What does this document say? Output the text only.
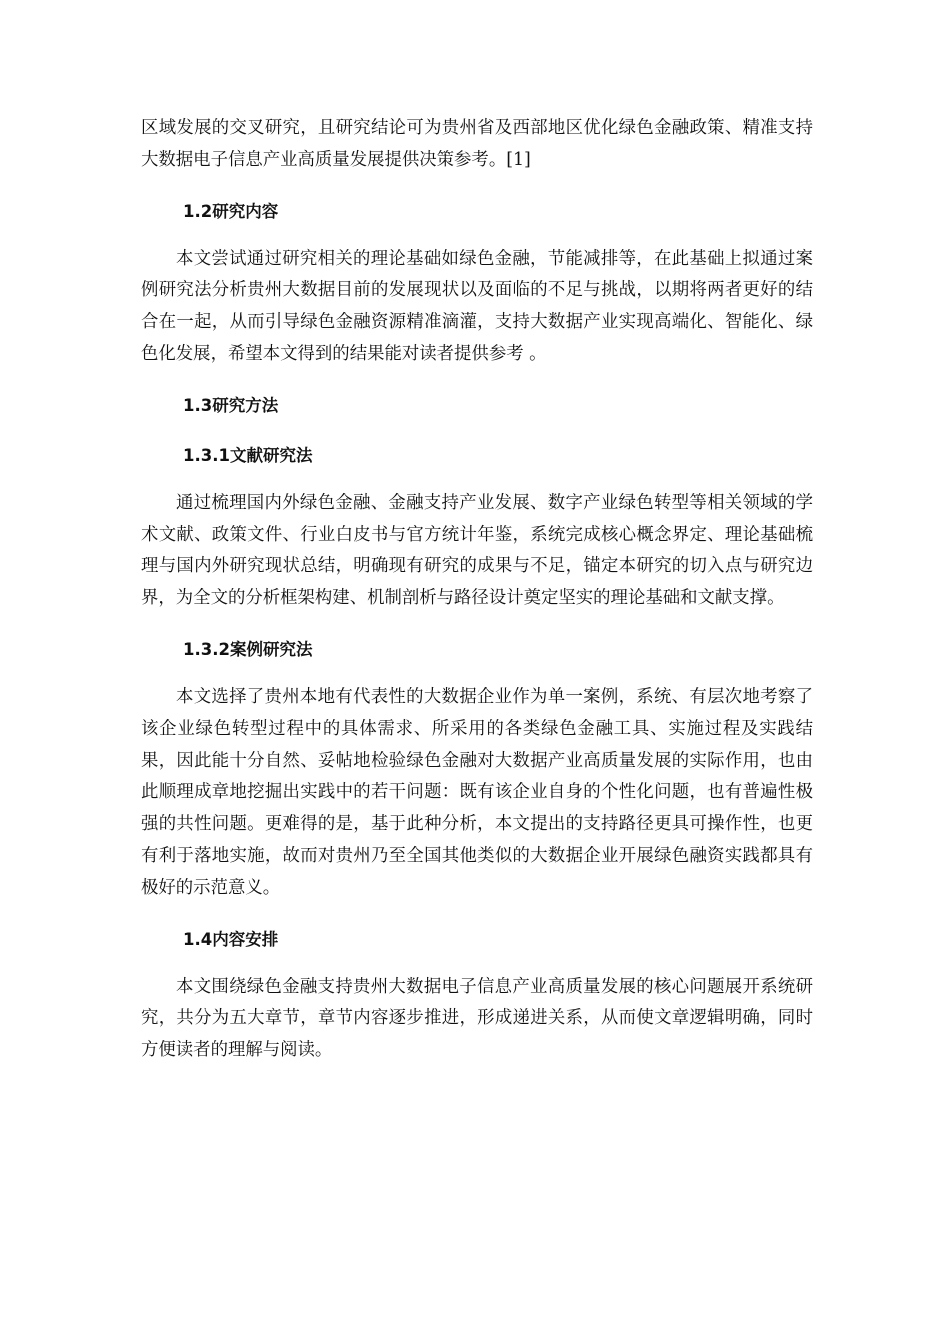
区域发展的交叉研究，且研究结论可为贵州省及西部地区优化绿色金融政策、精准支持大数据电子信息产业高质量发展提供决策参考。[1]

1.2研究内容

本文尝试通过研究相关的理论基础如绿色金融，节能减排等，在此基础上拟通过案例研究法分析贵州大数据目前的发展现状以及面临的不足与挑战，以期将两者更好的结合在一起，从而引导绿色金融资源精准滴灌，支持大数据产业实现高端化、智能化、绿色化发展，希望本文得到的结果能对读者提供参考 。

1.3研究方法
1.3.1文献研究法

通过梳理国内外绿色金融、金融支持产业发展、数字产业绿色转型等相关领域的学术文献、政策文件、行业白皮书与官方统计年鉴，系统完成核心概念界定、理论基础梳理与国内外研究现状总结，明确现有研究的成果与不足，锚定本研究的切入点与研究边界，为全文的分析框架构建、机制剖析与路径设计奠定坚实的理论基础和文献支撑。

1.3.2案例研究法

本文选择了贵州本地有代表性的大数据企业作为单一案例，系统、有层次地考察了该企业绿色转型过程中的具体需求、所采用的各类绿色金融工具、实施过程及实践结果，因此能十分自然、妥帖地检验绿色金融对大数据产业高质量发展的实际作用，也由此顺理成章地挖掘出实践中的若干问题：既有该企业自身的个性化问题，也有普遍性极强的共性问题。更难得的是，基于此种分析，本文提出的支持路径更具可操作性，也更有利于落地实施，故而对贵州乃至全国其他类似的大数据企业开展绿色融资实践都具有极好的示范意义。

1.4内容安排

本文围绕绿色金融支持贵州大数据电子信息产业高质量发展的核心问题展开系统研究，共分为五大章节，章节内容逐步推进，形成递进关系，从而使文章逻辑明确，同时方便读者的理解与阅读。
